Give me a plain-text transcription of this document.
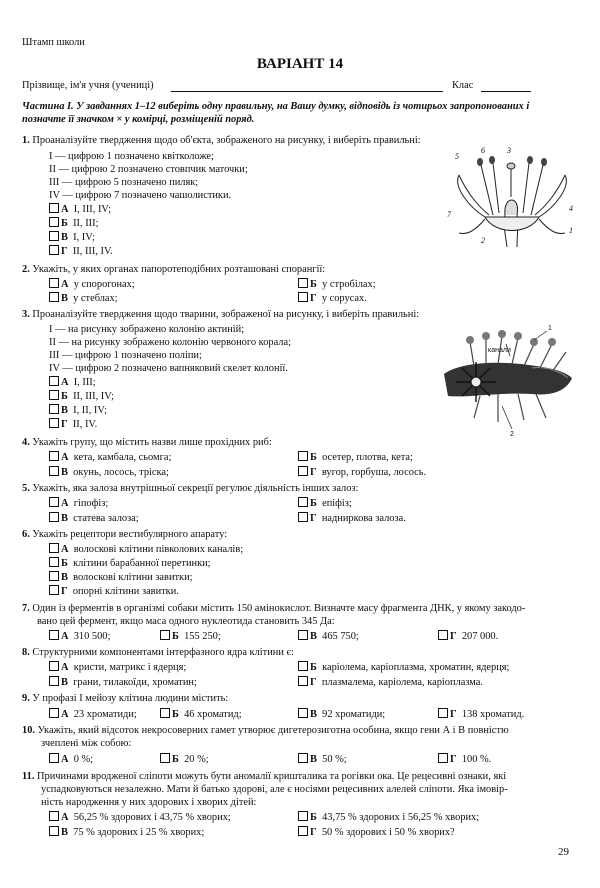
Штамп школи
ВАРІАНТ 14
Прізвище, ім'я учня (учениці)	Клас
Частина І. У завданнях 1–12 виберіть одну правильну, на Вашу думку, відповідь із чотирьох запропонованих і
позначте її значком × у комірці, розміщеній поряд.
1. Проаналізуйте твердження щодо об'єкта, зображеного на рисунку, і виберіть правильні:
I — цифрою 1 позначено квітколоже;
II — цифрою 2 позначено стовпчик маточки;
III — цифрою 5 позначено пиляк;
IV — цифрою 7 позначено чашолистики.
А I, III, IV;
Б II, III;
В I, IV;
Г II, III, IV.
5
6	3
4
7
1
2
2. Укажіть, у яких органах папоротеподібних розташовані спорангії:
А у спорогонах;	Б у стробілах;
В у стеблах;	Г у сорусах.
3. Проаналізуйте твердження щодо тварини, зображеної на рисунку, і виберіть правильні:
I — на рисунку зображено колонію актиній;
II — на рисунку зображено колонію червоного корала;
III — цифрою 1 позначено поліпи;
IV — цифрою 2 позначено вапняковий скелет колонії.
А I, III;
Б II, III, IV;
В I, II, IV;
Г II, IV.
канали
1
2
4. Укажіть групу, що містить назви лише прохідних риб:
А кета, камбала, сьомга;	Б осетер, плотва, кета;
В окунь, лосось, тріска;	Г вугор, горбуша, лосось.
5. Укажіть, яка залоза внутрішньої секреції регулює діяльність інших залоз:
А гіпофіз;	Б епіфіз;
В статева залоза;	Г надниркова залоза.
6. Укажіть рецептори вестибулярного апарату:
А волоскові клітини півколових каналів;
Б клітини барабанної перетинки;
В волоскові клітини завитки;
Г опорні клітини завитки.
7. Один із ферментів в організмі собаки містить 150 амінокислот. Визначте масу фрагмента ДНК, у якому закодо-
вано цей фермент, якщо маса одного нуклеотида становить 345 Да:
А 310 500;	Б 155 250;	В 465 750;	Г 207 000.
8. Структурними компонентами інтерфазного ядра клітини є:
А кристи, матрикс і ядерця;	Б каріолема, каріоплазма, хроматин, ядерця;
В грани, тилакоїди, хроматин;	Г плазмалема, каріолема, каріоплазма.
9. У профазі І мейозу клітина людини містить:
А 23 хроматиди;	Б 46 хроматид;	В 92 хроматиди;	Г 138 хроматид.
10. Укажіть, який відсоток некросоверних гамет утворює дигетерозиготна особина, якщо гени А і В повністю
зчеплені між собою:
А 0 %;	Б 20 %;	В 50 %;	Г 100 %.
11. Причинами вродженої сліпоти можуть бути аномалії кришталика та рогівки ока. Це рецесивні ознаки, які
успадковуються незалежно. Мати й батько здорові, але є носіями рецесивних алелей сліпоти. Яка імовір-
ність народження у них здорових і хворих дітей:
А 56,25 % здорових і 43,75 % хворих;	Б 43,75 % здорових і 56,25 % хворих;
В 75 % здорових і 25 % хворих;	Г 50 % здорових і 50 % хворих?
29
